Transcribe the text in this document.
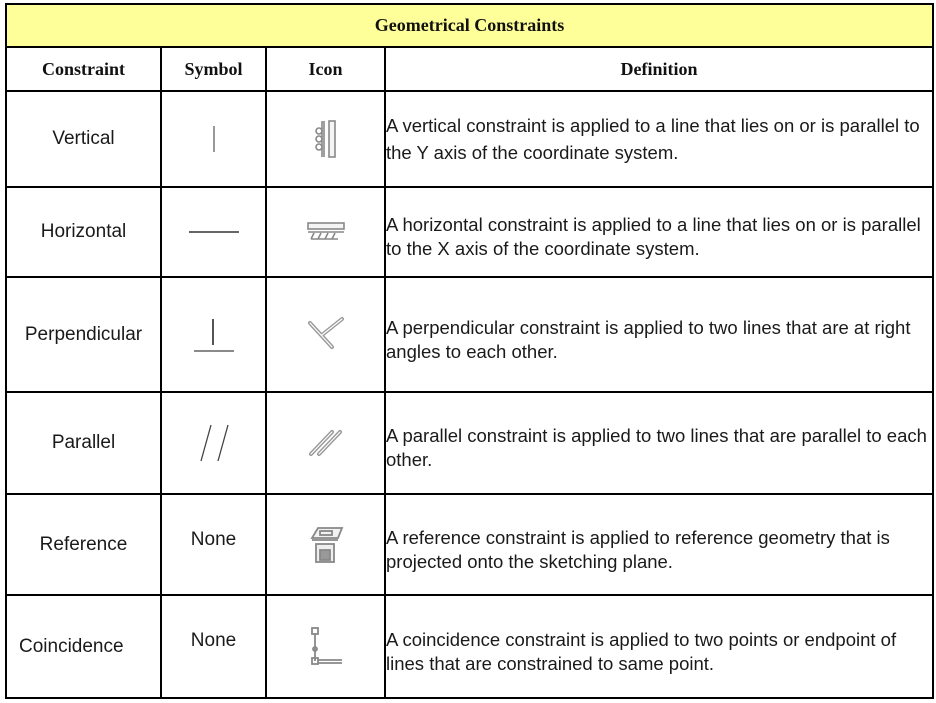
Geometrical Constraints			
Constraint	Symbol	Icon	Definition
Vertical			A vertical constraint is applied to a line that lies on or is parallel to the Y axis of the coordinate system.
Horizontal			A horizontal constraint is applied to a line that lies on or is parallel to the X axis of the coordinate system.
Perpendicular			A perpendicular constraint is applied to two lines that are at right angles to each other.
Parallel			A parallel constraint is applied to two lines that are parallel to each other.
Reference	None		A reference constraint is applied to reference geometry that is projected onto the sketching plane.
Coincidence	None		A coincidence constraint is applied to two points or endpoint of lines that are constrained to same point.
